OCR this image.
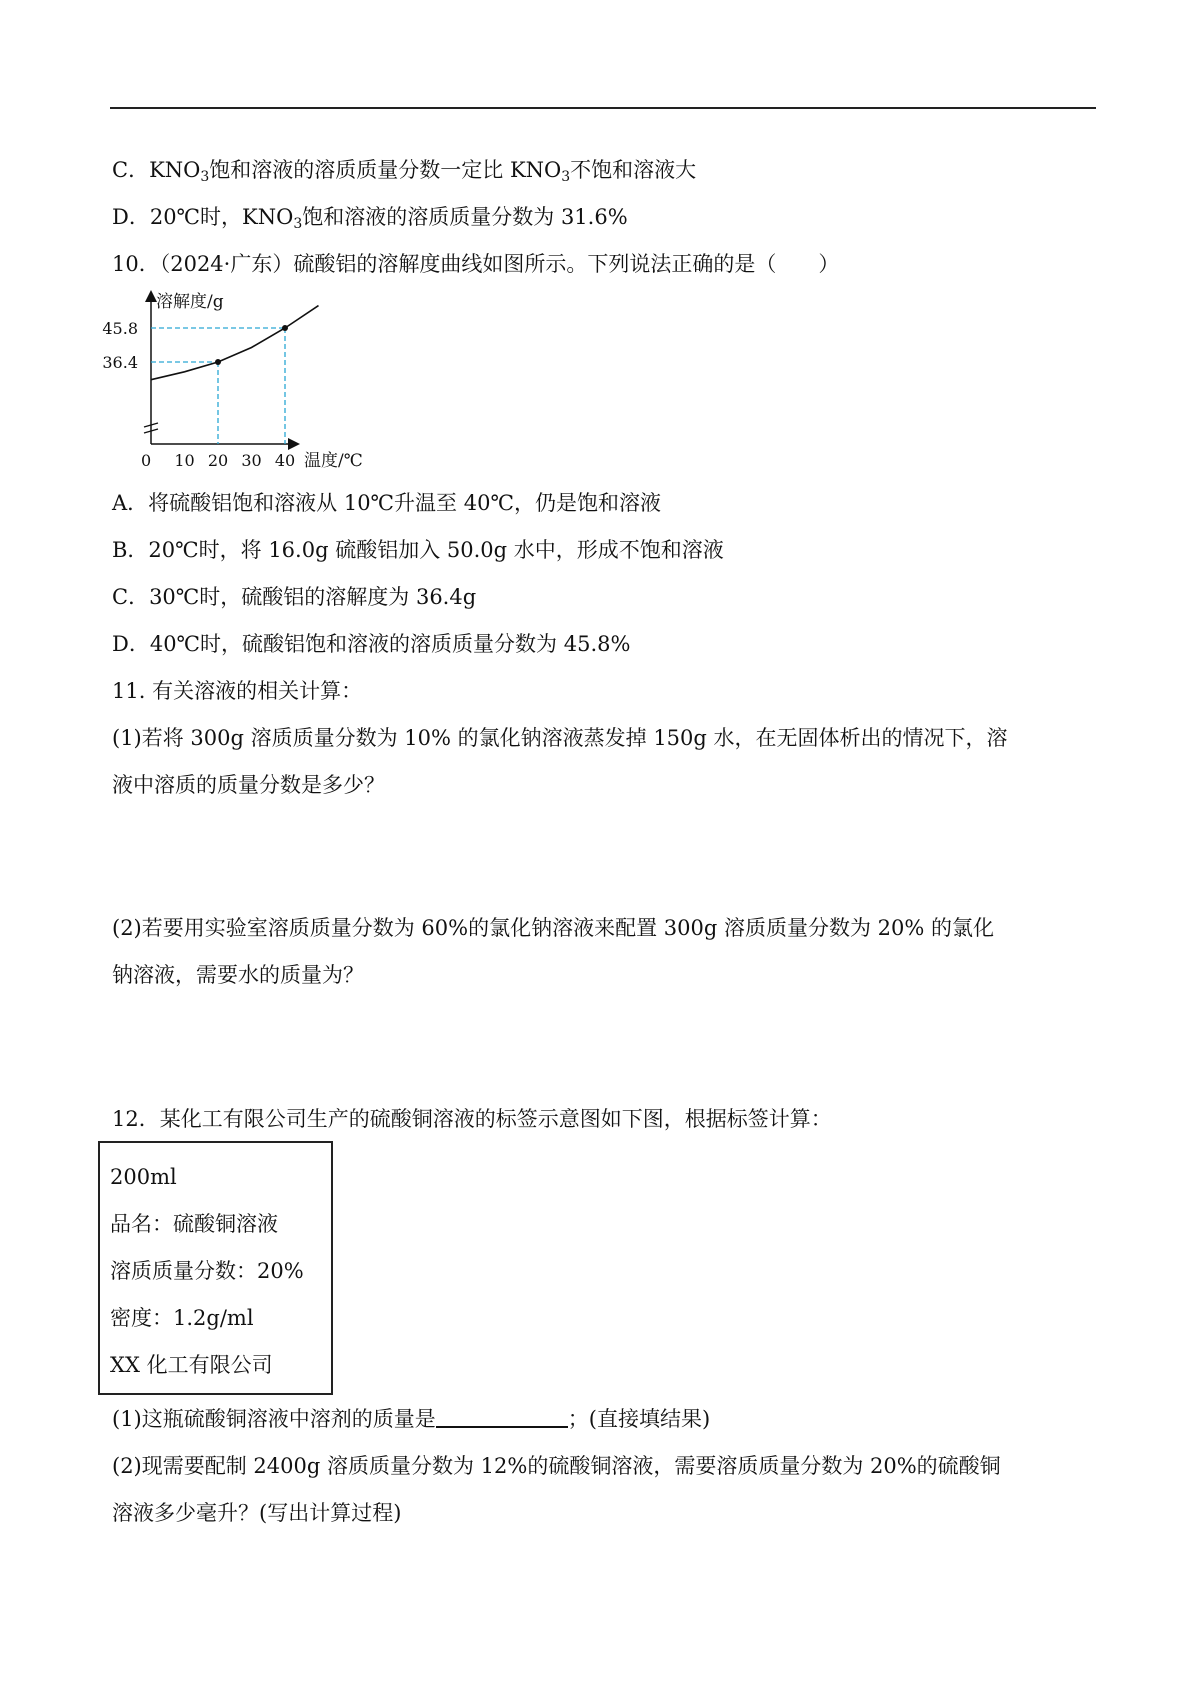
C．$KNO_3$饱和溶液的溶质质量分数一定比 $KNO_3$不饱和溶液大
D．20℃时，$KNO_3$饱和溶液的溶质质量分数为 31.6%
10．（2024·广东）硫酸铝的溶解度曲线如图所示。下列说法正确的是（　　）
溶解度/g
温度/℃
0 10 20 30 40
36.4
45.8
A．将硫酸铝饱和溶液从 10℃升温至 40℃，仍是饱和溶液
B．20℃时，将 16.0g 硫酸铝加入 50.0g 水中，形成不饱和溶液
C．30℃时，硫酸铝的溶解度为 36.4g
D．40℃时，硫酸铝饱和溶液的溶质质量分数为 45.8%
11. 有关溶液的相关计算：
(1)若将 300g 溶质质量分数为 10% 的氯化钠溶液蒸发掉 150g 水，在无固体析出的情况下，溶
液中溶质的质量分数是多少？
(2)若要用实验室溶质质量分数为 60%的氯化钠溶液来配置 300g 溶质质量分数为 20% 的氯化
钠溶液，需要水的质量为？
12．某化工有限公司生产的硫酸铜溶液的标签示意图如下图，根据标签计算：
200ml
品名：硫酸铜溶液
溶质质量分数：20%
密度：1.2g/ml
XX 化工有限公司
(1)这瓶硫酸铜溶液中溶剂的质量是	；(直接填结果)
(2)现需要配制 2400g 溶质质量分数为 12%的硫酸铜溶液，需要溶质质量分数为 20%的硫酸铜
溶液多少毫升？(写出计算过程)
